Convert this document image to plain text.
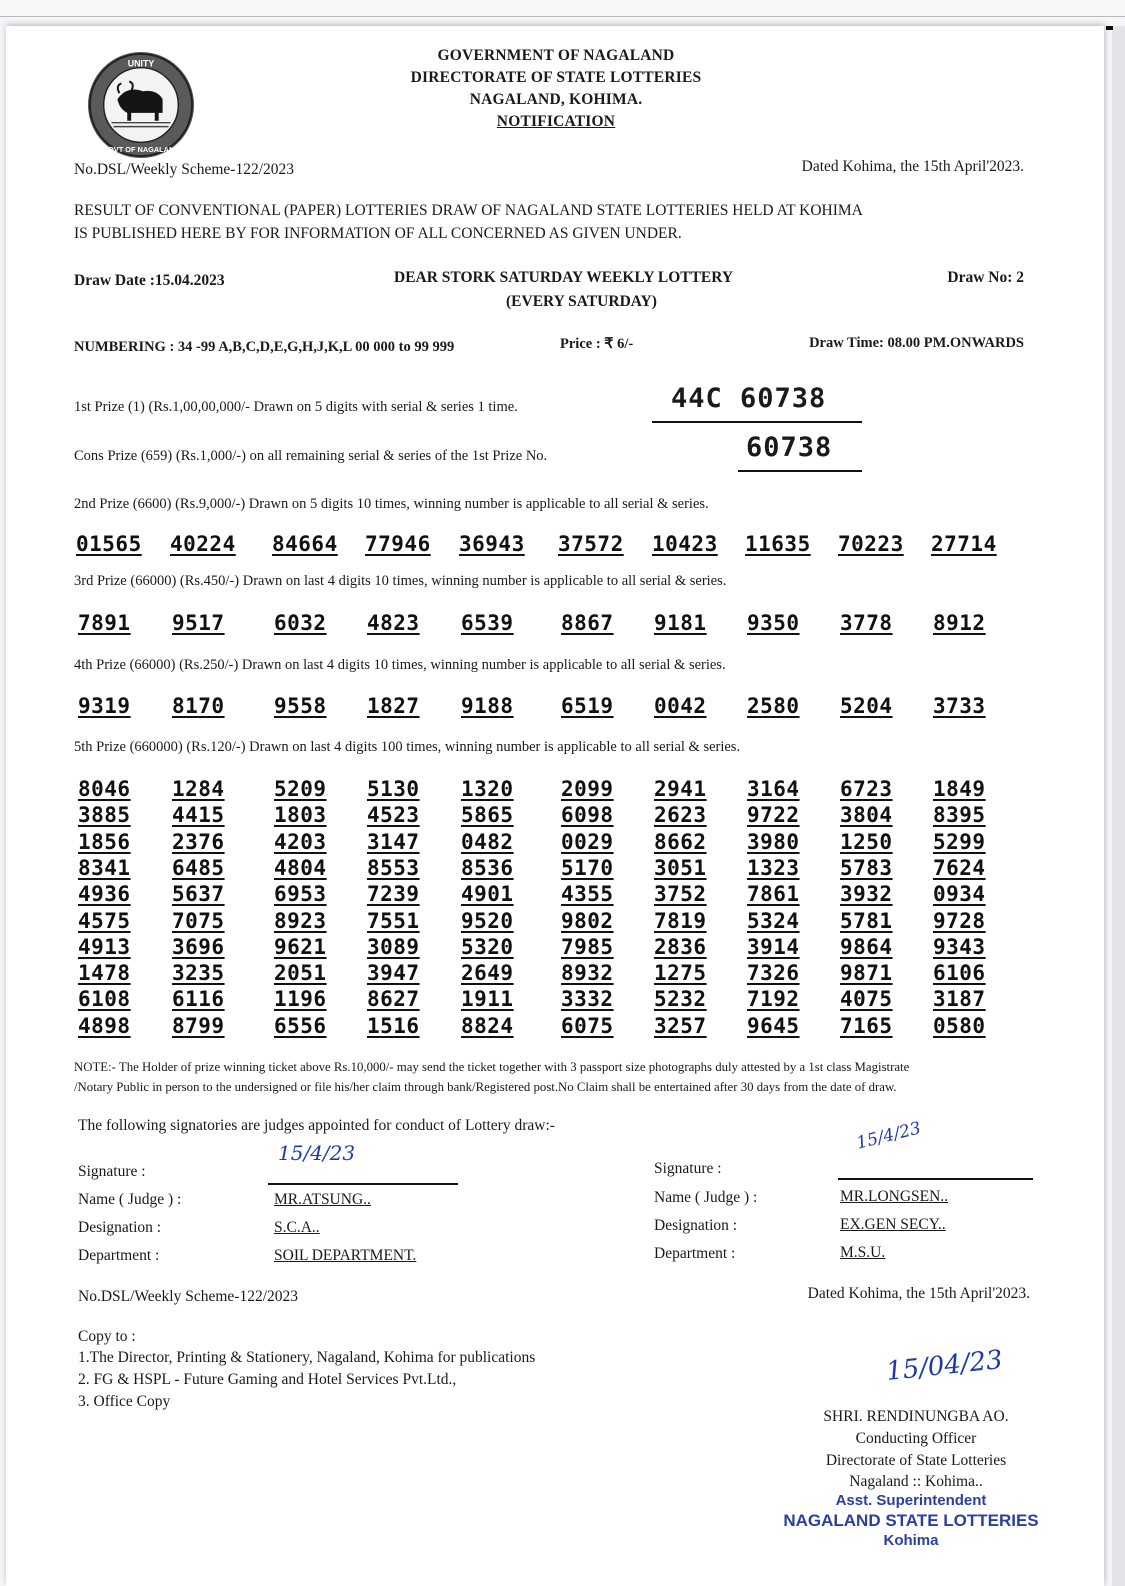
UNITY
GOVT OF NAGALAND
GOVERNMENT OF NAGALAND
DIRECTORATE OF STATE LOTTERIES
NAGALAND, KOHIMA.
NOTIFICATION
No.DSL/Weekly Scheme-122/2023	Dated Kohima, the 15th April'2023.
RESULT OF CONVENTIONAL (PAPER) LOTTERIES DRAW OF NAGALAND STATE LOTTERIES HELD AT KOHIMA
IS PUBLISHED HERE BY FOR INFORMATION OF ALL CONCERNED AS GIVEN UNDER.
Draw Date :15.04.2023	DEAR STORK SATURDAY WEEKLY LOTTERY
(EVERY SATURDAY)
Draw No: 2
NUMBERING : 34 -99 A,B,C,D,E,G,H,J,K,L 00 000 to 99 999	Price : ₹ 6/-	Draw Time: 08.00 PM.ONWARDS
1st Prize (1) (Rs.1,00,00,000/- Drawn on 5 digits with serial & series 1 time.	44C 60738
Cons Prize (659) (Rs.1,000/-) on all remaining serial & series of the 1st Prize No.	60738
2nd Prize (6600) (Rs.9,000/-) Drawn on 5 digits 10 times, winning number is applicable to all serial & series.
01565 40224 84664 77946 36943 37572 10423 11635 70223 27714
3rd Prize (66000) (Rs.450/-) Drawn on last 4 digits 10 times, winning number is applicable to all serial & series.
7891 9517 6032 4823 6539 8867 9181 9350 3778 8912
4th Prize (66000) (Rs.250/-) Drawn on last 4 digits 10 times, winning number is applicable to all serial & series.
9319 8170 9558 1827 9188 6519 0042 2580 5204 3733
5th Prize (660000) (Rs.120/-) Drawn on last 4 digits 100 times, winning number is applicable to all serial & series.
8046 1284 5209 5130 1320 2099 2941 3164 6723 1849
3885 4415 1803 4523 5865 6098 2623 9722 3804 8395
1856 2376 4203 3147 0482 0029 8662 3980 1250 5299
8341 6485 4804 8553 8536 5170 3051 1323 5783 7624
4936 5637 6953 7239 4901 4355 3752 7861 3932 0934
4575 7075 8923 7551 9520 9802 7819 5324 5781 9728
4913 3696 9621 3089 5320 7985 2836 3914 9864 9343
1478 3235 2051 3947 2649 8932 1275 7326 9871 6106
6108 6116 1196 8627 1911 3332 5232 7192 4075 3187
4898 8799 6556 1516 8824 6075 3257 9645 7165 0580
NOTE:- The Holder of prize winning ticket above Rs.10,000/- may send the ticket together with 3 passport size photographs duly attested by a 1st class Magistrate
/Notary Public in person to the undersigned or file his/her claim through bank/Registered post.No Claim shall be entertained after 30 days from the date of draw.
The following signatories are judges appointed for conduct of Lottery draw:-
Signature :
15/4/23
Name ( Judge ) :	MR.ATSUNG..
Designation :	S.C.A..
Department :	SOIL DEPARTMENT.
Signature :
15/4/23
Name ( Judge ) :	MR.LONGSEN..
Designation :	EX.GEN SECY..
Department :	M.S.U.
No.DSL/Weekly Scheme-122/2023	Dated Kohima, the 15th April'2023.
Copy to :
1.The Director, Printing & Stationery, Nagaland, Kohima for publications
2. FG & HSPL - Future Gaming and Hotel Services Pvt.Ltd.,
3. Office Copy
15/04/23
SHRI. RENDINUNGBA AO.
Conducting Officer
Directorate of State Lotteries
Nagaland :: Kohima..
Asst. Superintendent
NAGALAND STATE LOTTERIES
Kohima
